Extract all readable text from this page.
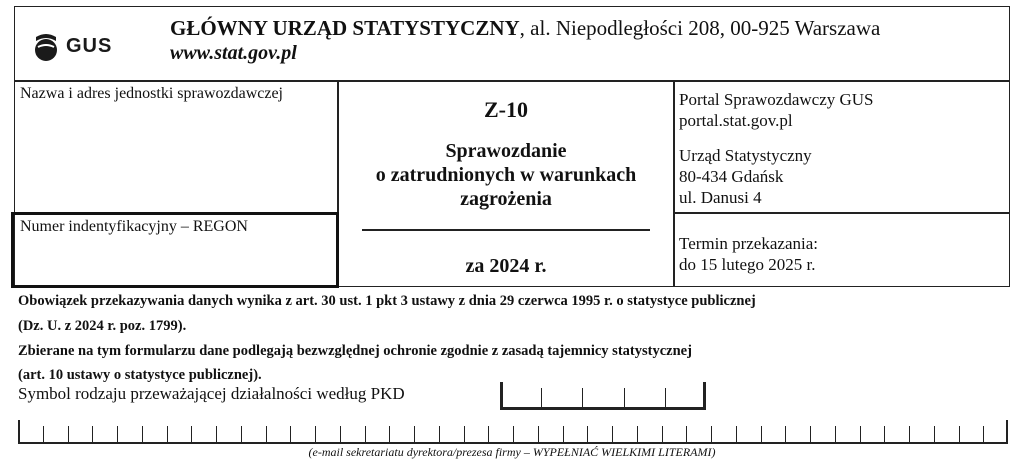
GUS
GŁÓWNY URZĄD STATYSTYCZNY, al. Niepodległości 208, 00-925 Warszawa
www.stat.gov.pl
Nazwa i adres jednostki sprawozdawczej
Numer indentyfikacyjny – REGON
Z-10
Sprawozdanie
o zatrudnionych w warunkach
zagrożenia
za 2024 r.
Portal Sprawozdawczy GUS
portal.stat.gov.pl
Urząd Statystyczny
80-434 Gdańsk
ul. Danusi 4
Termin przekazania:
do 15 lutego 2025 r.
Obowiązek przekazywania danych wynika z art. 30 ust. 1 pkt 3 ustawy z dnia 29 czerwca 1995 r. o statystyce publicznej
(Dz. U. z 2024 r. poz. 1799).
Zbierane na tym formularzu dane podlegają bezwzględnej ochronie zgodnie z zasadą tajemnicy statystycznej
(art. 10 ustawy o statystyce publicznej).
Symbol rodzaju przeważającej działalności według PKD
(e-mail sekretariatu dyrektora/prezesa firmy – WYPEŁNIAĆ WIELKIMI LITERAMI)
